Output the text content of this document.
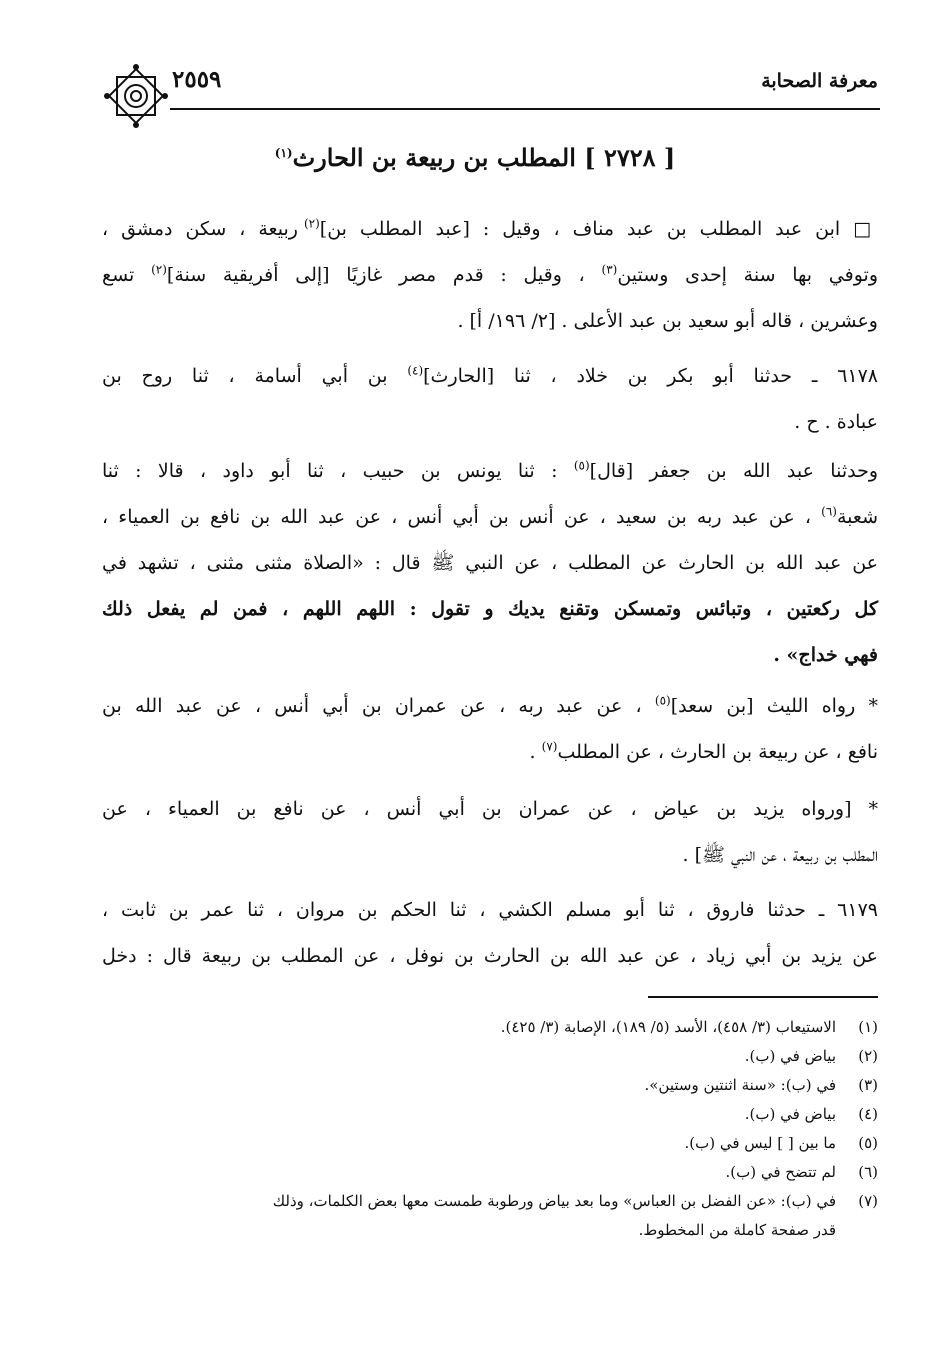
معرفة الصحابة
٢٥٥٩
[ ٢٧٢٨ ] المطلب بن ربيعة بن الحارث$^{(١)}$
□ ابن عبد المطلب بن عبد مناف ، وقيل : [عبد المطلب بن]$^{(٢)}$ ربيعة ، سكن دمشق ،
وتوفي بها سنة إحدى وستين$^{(٣)}$ ، وقيل : قدم مصر غازيًا [إلى أفريقية سنة]$^{(٢)}$ تسع
وعشرين ، قاله أبو سعيد بن عبد الأعلى . [٢/ ١٩٦/ أ] .
٦١٧٨ ـ حدثنا أبو بكر بن خلاد ، ثنا [الحارث]$^{(٤)}$ بن أبي أسامة ، ثنا روح بن
عبادة . ح .
وحدثنا عبد الله بن جعفر [قال]$^{(٥)}$ : ثنا يونس بن حبيب ، ثنا أبو داود ، قالا : ثنا
شعبة$^{(٦)}$ ، عن عبد ربه بن سعيد ، عن أنس بن أبي أنس ، عن عبد الله بن نافع بن العمياء ،
عن عبد الله بن الحارث عن المطلب ، عن النبي ﷺ قال : «الصلاة مثنى مثنى ، تشهد في
كل ركعتين ، وتبائس وتمسكن وتقنع يديك و تقول : اللهم اللهم ، فمن لم يفعل ذلك
فهي خداج» .
* رواه الليث [بن سعد]$^{(٥)}$ ، عن عبد ربه ، عن عمران بن أبي أنس ، عن عبد الله بن
نافع ، عن ربيعة بن الحارث ، عن المطلب$^{(٧)}$ .
* [ورواه يزيد بن عياض ، عن عمران بن أبي أنس ، عن نافع بن العمياء ، عن
المطلب بن ربيعة ، عن النبي ﷺ] .
٦١٧٩ ـ حدثنا فاروق ، ثنا أبو مسلم الكشي ، ثنا الحكم بن مروان ، ثنا عمر بن ثابت ،
عن يزيد بن أبي زياد ، عن عبد الله بن الحارث بن نوفل ، عن المطلب بن ربيعة قال : دخل
(١)الاستيعاب (٣/ ٤٥٨)، الأسد (٥/ ١٨٩)، الإصابة (٣/ ٤٢٥).
(٢)بياض في (ب).
(٣)في (ب): «سنة اثنتين وستين».
(٤)بياض في (ب).
(٥)ما بين [ ] ليس في (ب).
(٦)لم تتضح في (ب).
(٧)في (ب): «عن الفضل بن العباس» وما بعد بياض ورطوبة طمست معها بعض الكلمات، وذلك
قدر صفحة كاملة من المخطوط.
